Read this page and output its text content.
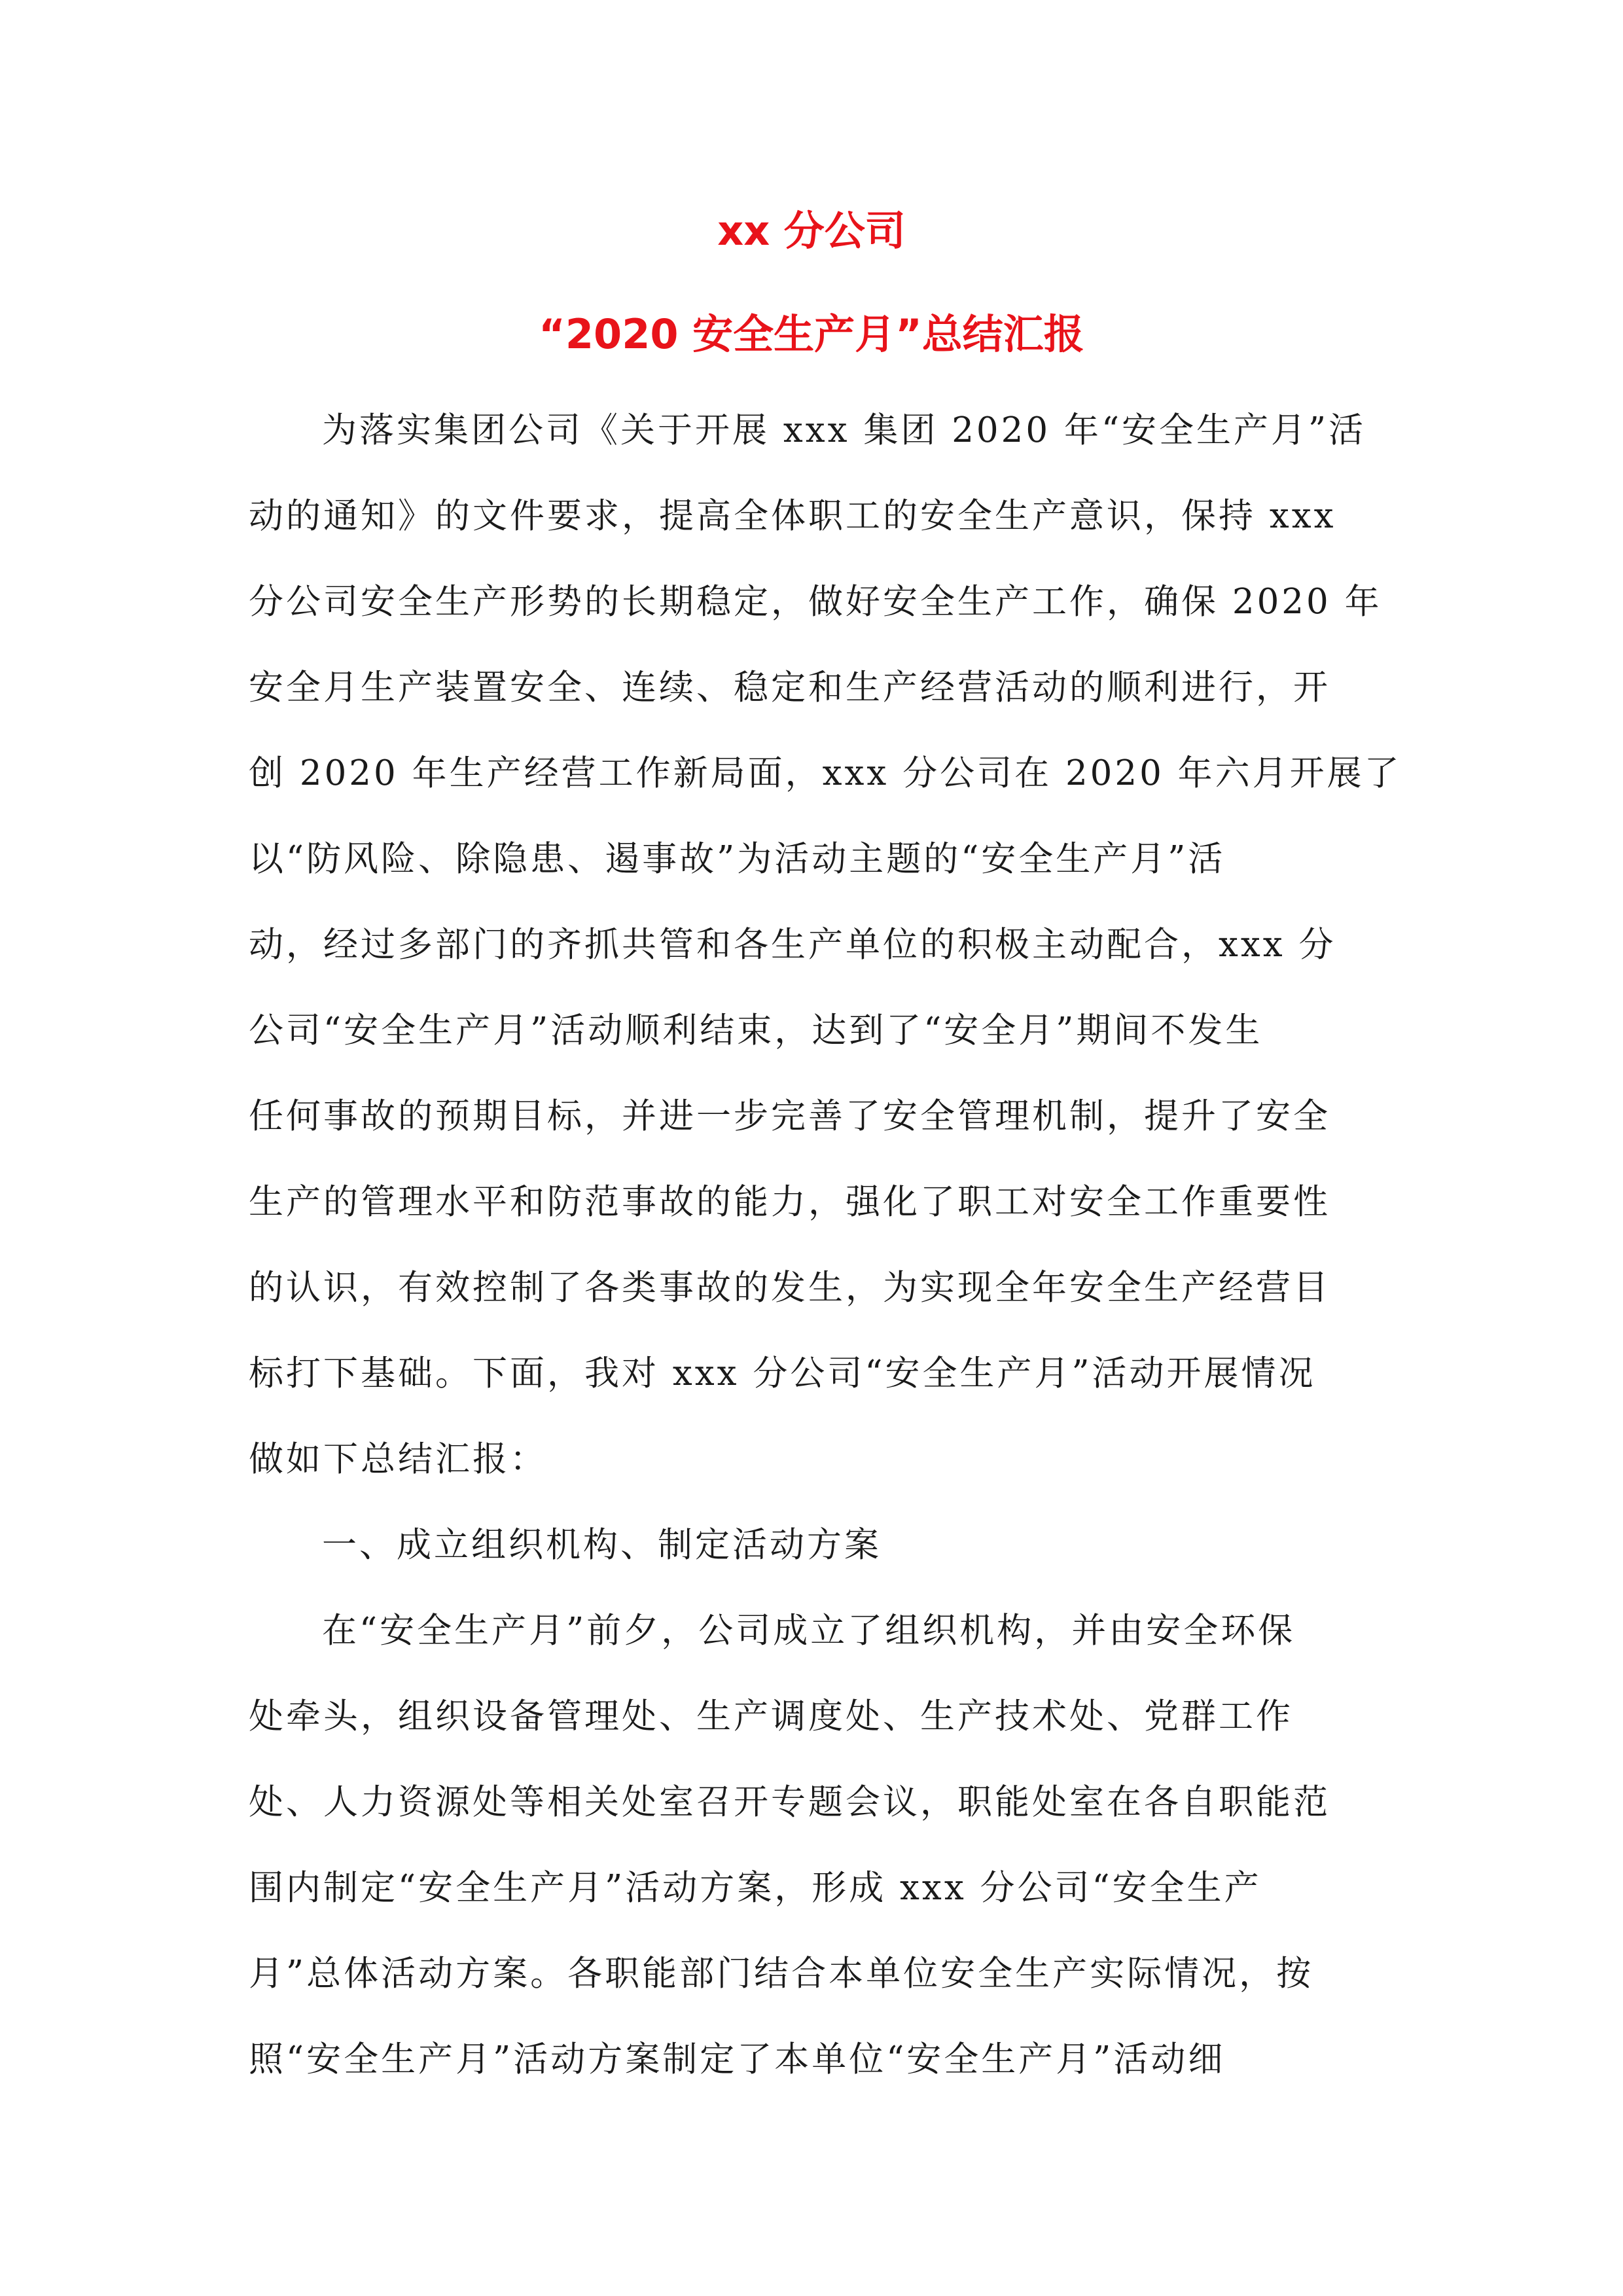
xx 分公司
“2020 安全生产月”总结汇报
为落实集团公司《关于开展 xxx 集团 2020 年“安全生产月”活
动的通知》的文件要求，提高全体职工的安全生产意识，保持 xxx
分公司安全生产形势的长期稳定，做好安全生产工作，确保 2020 年
安全月生产装置安全、连续、稳定和生产经营活动的顺利进行，开
创 2020 年生产经营工作新局面，xxx 分公司在 2020 年六月开展了
以“防风险、除隐患、遏事故”为活动主题的“安全生产月”活
动，经过多部门的齐抓共管和各生产单位的积极主动配合，xxx 分
公司“安全生产月”活动顺利结束，达到了“安全月”期间不发生
任何事故的预期目标，并进一步完善了安全管理机制，提升了安全
生产的管理水平和防范事故的能力，强化了职工对安全工作重要性
的认识，有效控制了各类事故的发生，为实现全年安全生产经营目
标打下基础。下面，我对 xxx 分公司“安全生产月”活动开展情况
做如下总结汇报：
一、成立组织机构、制定活动方案
在“安全生产月”前夕，公司成立了组织机构，并由安全环保
处牵头，组织设备管理处、生产调度处、生产技术处、党群工作
处、人力资源处等相关处室召开专题会议，职能处室在各自职能范
围内制定“安全生产月”活动方案，形成 xxx 分公司“安全生产
月”总体活动方案。各职能部门结合本单位安全生产实际情况，按
照“安全生产月”活动方案制定了本单位“安全生产月”活动细
